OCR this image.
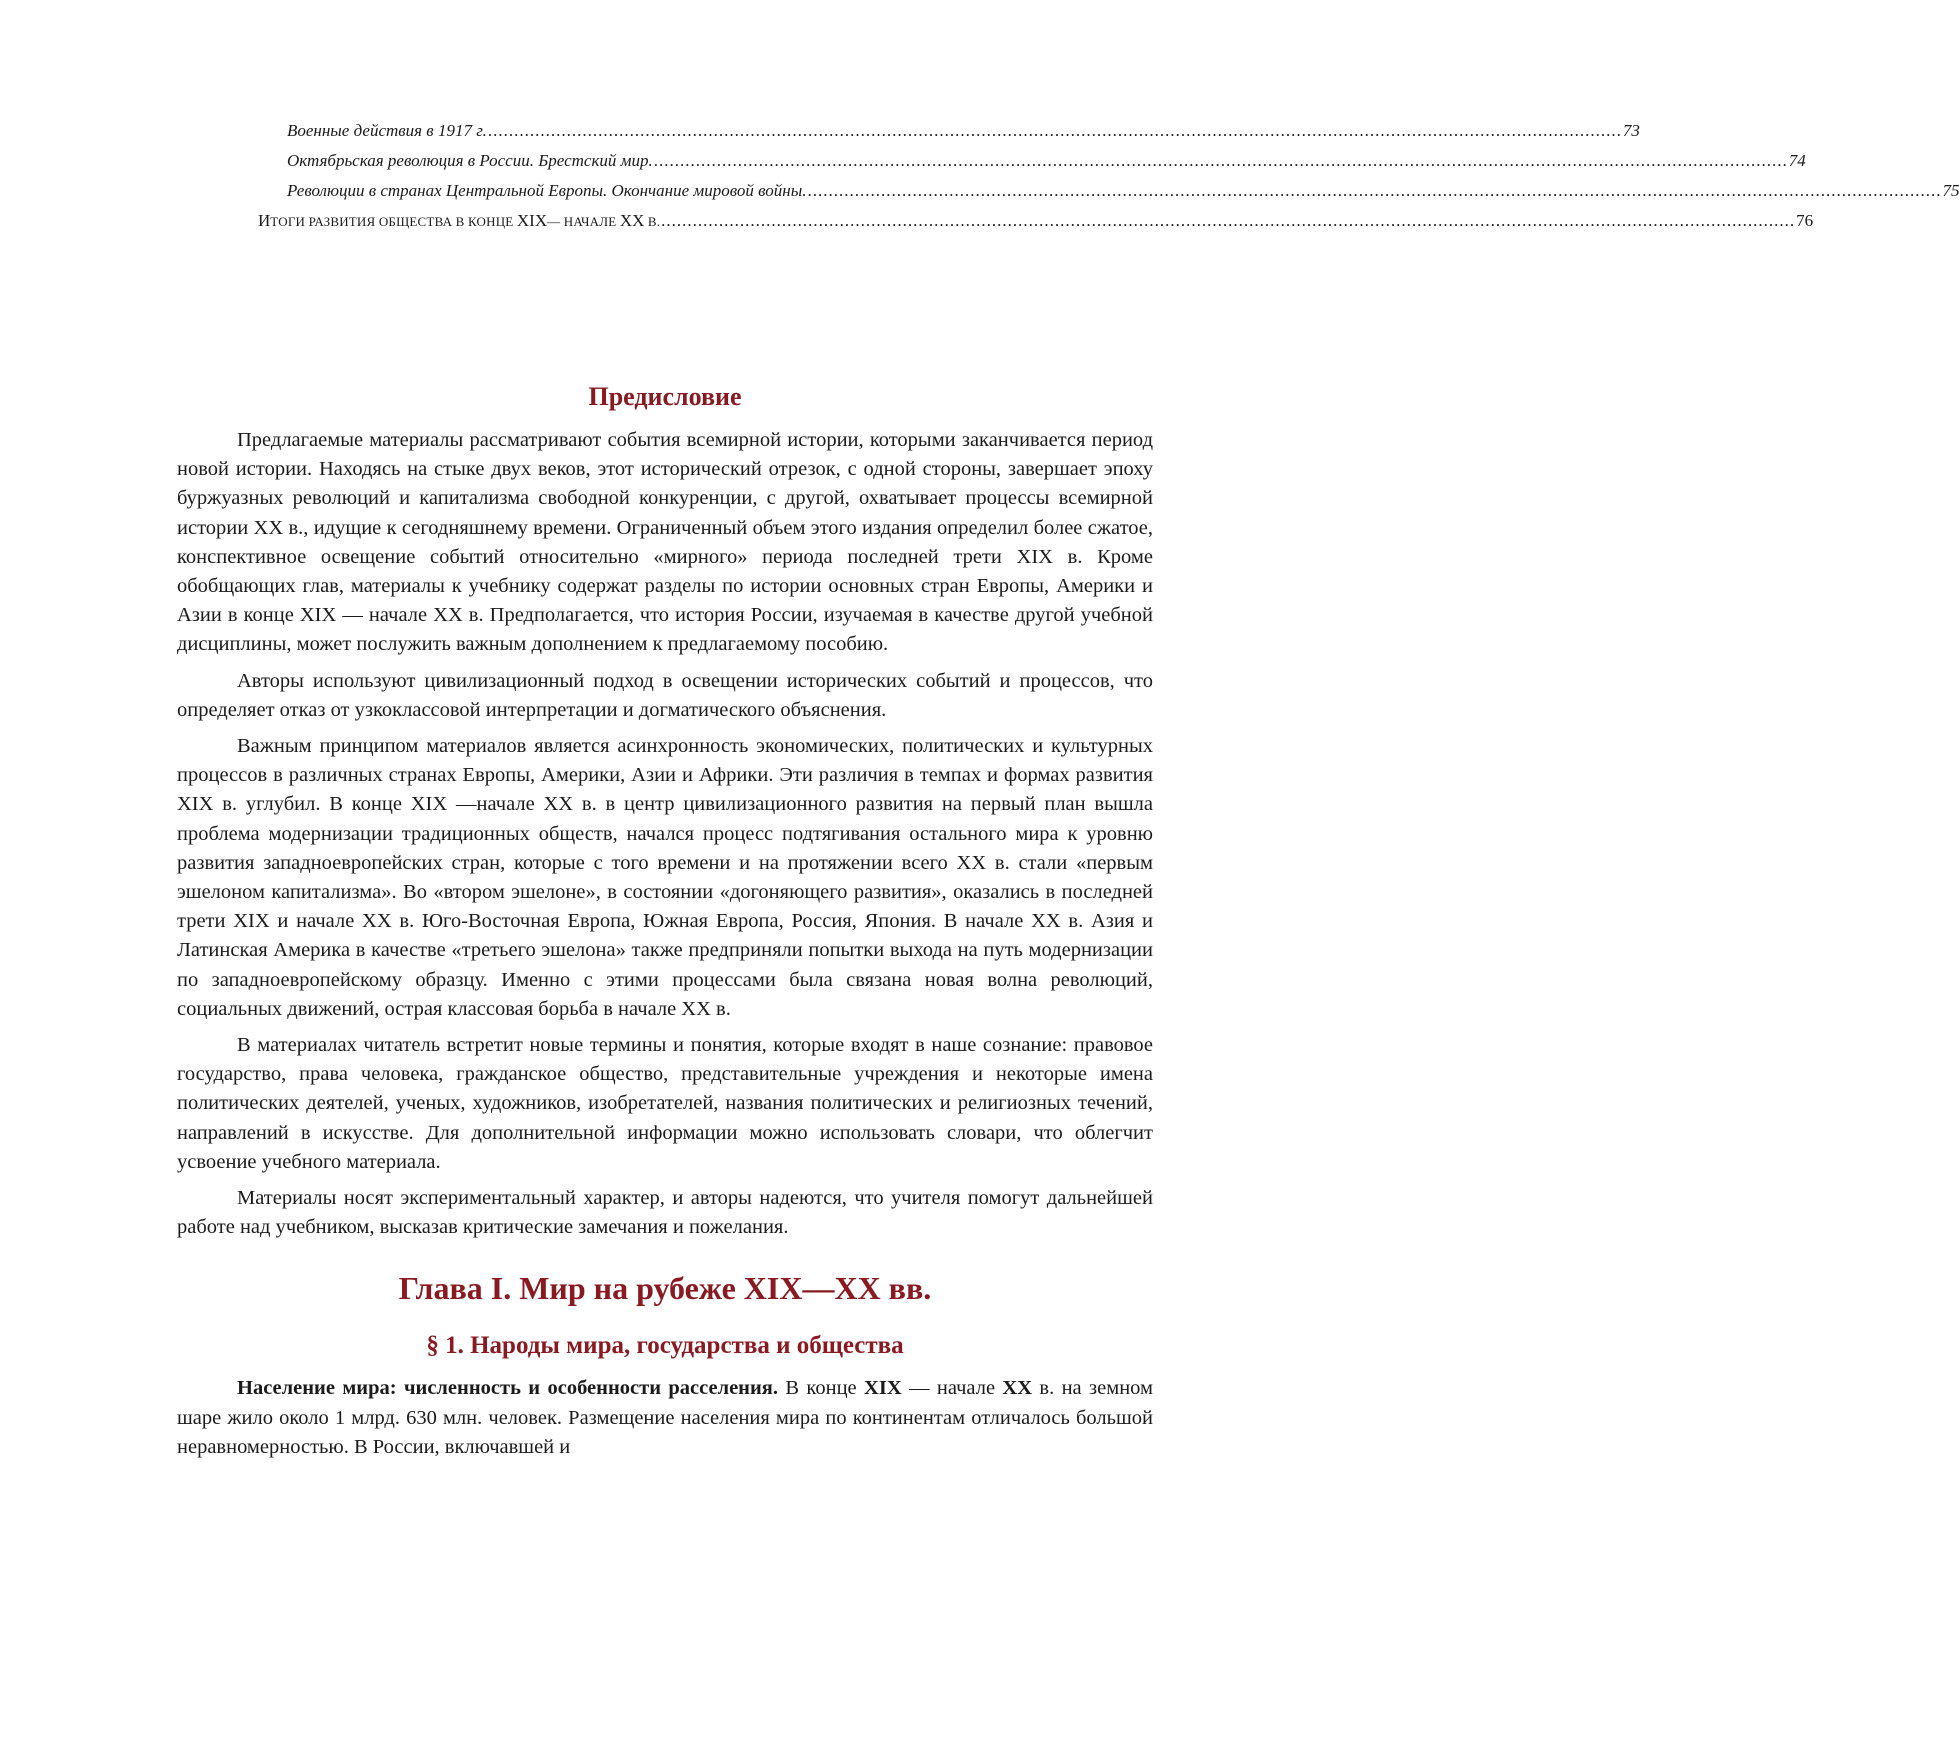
Военные действия в 1917 г. ........................................................................................................................................................................................................................ 73
Октябрьская революция в России. Брестский мир. ........................................................................................................................................................................................................................ 74
Революции в странах Центральной Европы. Окончание мировой войны. ........................................................................................................................................................................................................................ 75
ИТОГИ РАЗВИТИЯ ОБЩЕСТВА В КОНЦЕ XIX— НАЧАЛЕ XX В. ........................................................................................................................................................................................................................ 76
Предисловие

Предлагаемые материалы рассматривают события всемирной истории, которыми заканчивается период новой истории. Находясь на стыке двух веков, этот исторический отрезок, с одной стороны, завершает эпоху буржуазных революций и капитализма свободной конкуренции, с другой, охватывает процессы всемирной истории XX в., идущие к сегодняшнему времени. Ограниченный объем этого издания определил более сжатое, конспективное освещение событий относительно «мирного» периода последней трети XIX в. Кроме обобщающих глав, материалы к учебнику содержат разделы по истории основных стран Европы, Америки и Азии в конце XIX — начале XX в. Предполагается, что история России, изучаемая в качестве другой учебной дисциплины, может послужить важным дополнением к предлагаемому пособию.

Авторы используют цивилизационный подход в освещении исторических событий и процессов, что определяет отказ от узкоклассовой интерпретации и догматического объяснения.

Важным принципом материалов является асинхронность экономических, политических и культурных процессов в различных странах Европы, Америки, Азии и Африки. Эти различия в темпах и формах развития XIX в. углубил. В конце XIX —начале XX в. в центр цивилизационного развития на первый план вышла проблема модернизации традиционных обществ, начался процесс подтягивания остального мира к уровню развития западноевропейских стран, которые с того времени и на протяжении всего XX в. стали «первым эшелоном капитализма». Во «втором эшелоне», в состоянии «догоняющего развития», оказались в последней трети XIX и начале XX в. Юго-Восточная Европа, Южная Европа, Россия, Япония. В начале XX в. Азия и Латинская Америка в качестве «третьего эшелона» также предприняли попытки выхода на путь модернизации по западноевропейскому образцу. Именно с этими процессами была связана новая волна революций, социальных движений, острая классовая борьба в начале XX в.

В материалах читатель встретит новые термины и понятия, которые входят в наше сознание: правовое государство, права человека, гражданское общество, представительные учреждения и некоторые имена политических деятелей, ученых, художников, изобретателей, названия политических и религиозных течений, направлений в искусстве. Для дополнительной информации можно использовать словари, что облегчит усвоение учебного материала.

Материалы носят экспериментальный характер, и авторы надеются, что учителя помогут дальнейшей работе над учебником, высказав критические замечания и пожелания.

Глава I. Мир на рубеже XIX—XX вв.
§ 1. Народы мира, государства и общества

Население мира: численность и особенности расселения. В конце XIX — начале XX в. на земном шаре жило около 1 млрд. 630 млн. человек. Размещение населения мира по континентам отличалось большой неравномерностью. В России, включавшей и
